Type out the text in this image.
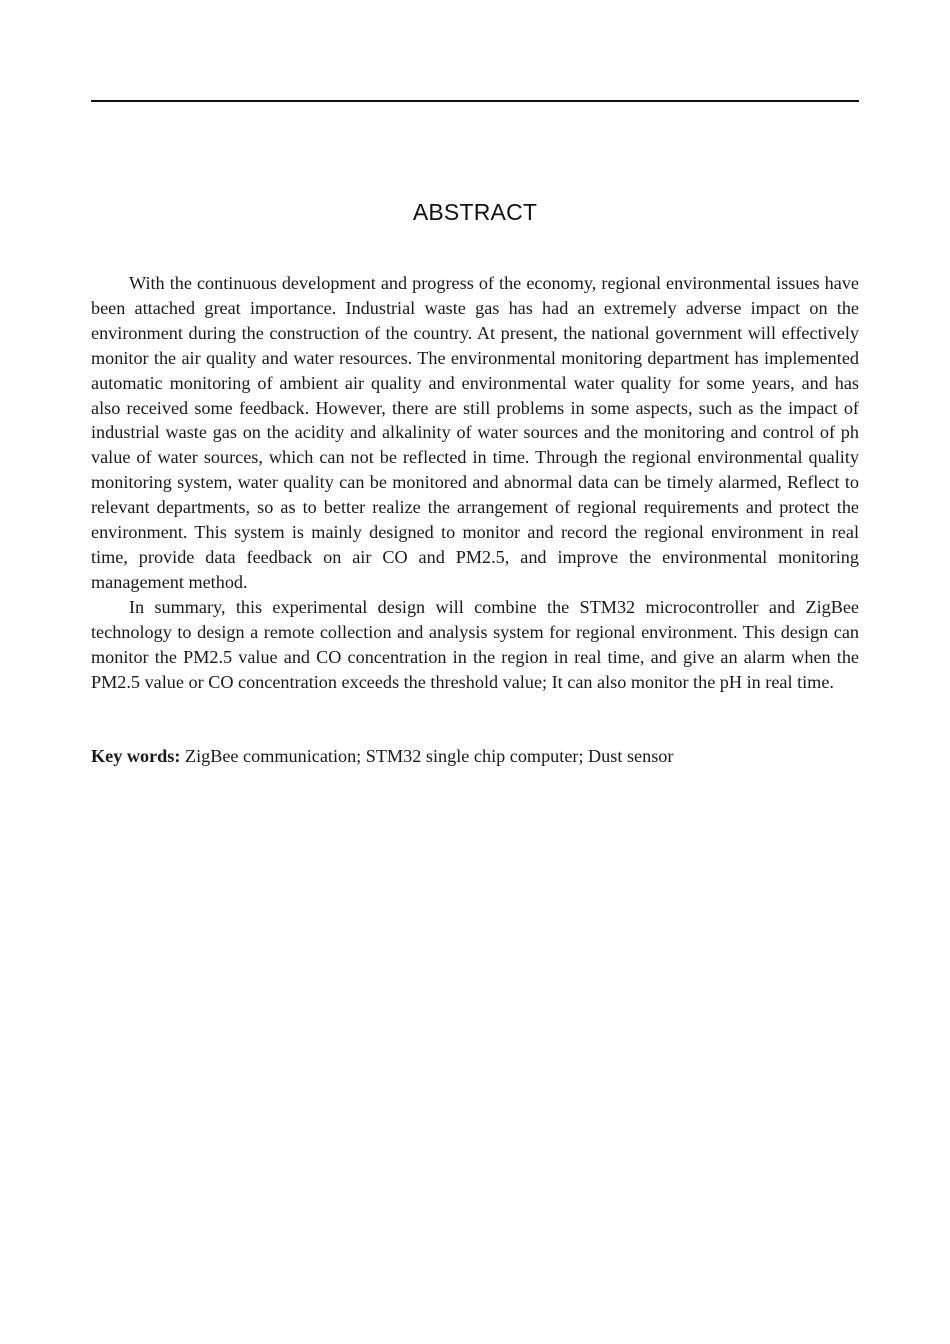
ABSTRACT

With the continuous development and progress of the economy, regional environmental issues have been attached great importance. Industrial waste gas has had an extremely adverse impact on the environment during the construction of the country. At present, the national government will effectively monitor the air quality and water resources. The environmental monitoring department has implemented automatic monitoring of ambient air quality and environmental water quality for some years, and has also received some feedback. However, there are still problems in some aspects, such as the impact of industrial waste gas on the acidity and alkalinity of water sources and the monitoring and control of ph value of water sources, which can not be reflected in time. Through the regional environmental quality monitoring system, water quality can be monitored and abnormal data can be timely alarmed, Reflect to relevant departments, so as to better realize the arrangement of regional requirements and protect the environment. This system is mainly designed to monitor and record the regional environment in real time, provide data feedback on air CO and PM2.5, and improve the environmental monitoring management method.

In summary, this experimental design will combine the STM32 microcontroller and ZigBee technology to design a remote collection and analysis system for regional environment. This design can monitor the PM2.5 value and CO concentration in the region in real time, and give an alarm when the PM2.5 value or CO concentration exceeds the threshold value; It can also monitor the pH in real time.

Key words: ZigBee communication; STM32 single chip computer; Dust sensor
